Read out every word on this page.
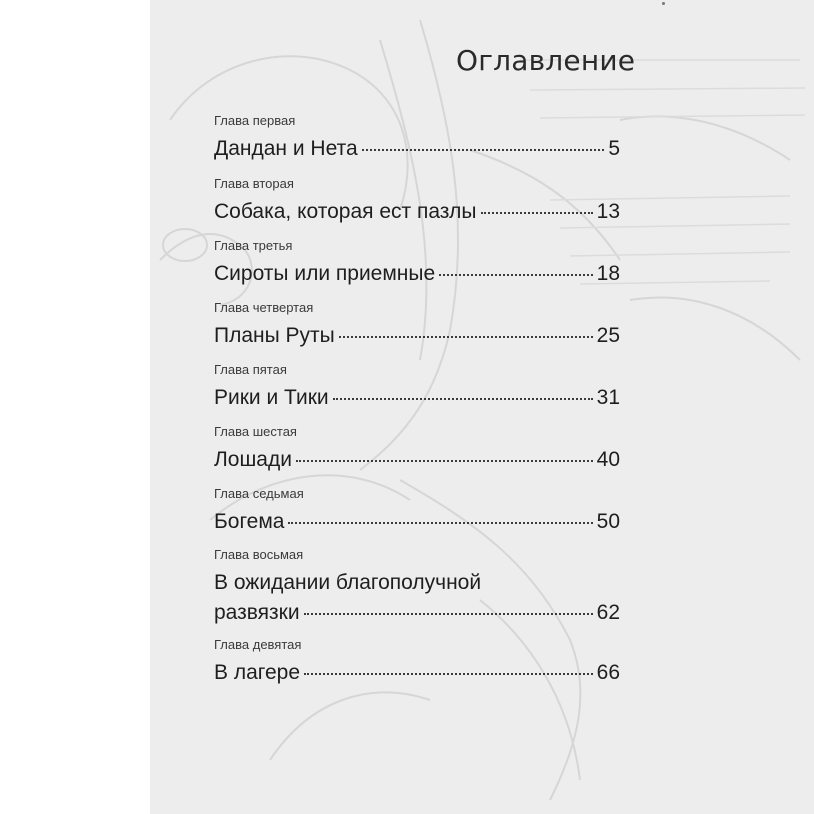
Оглавление
Глава первая
Дандан и Нета	5
Глава вторая
Собака, которая ест пазлы	13
Глава третья
Сироты или приемные	18
Глава четвертая
Планы Руты	25
Глава пятая
Рики и Тики	31
Глава шестая
Лошади	40
Глава седьмая
Богема	50
Глава восьмая
В ожидании благополучной
развязки	62
Глава девятая
В лагере	66
